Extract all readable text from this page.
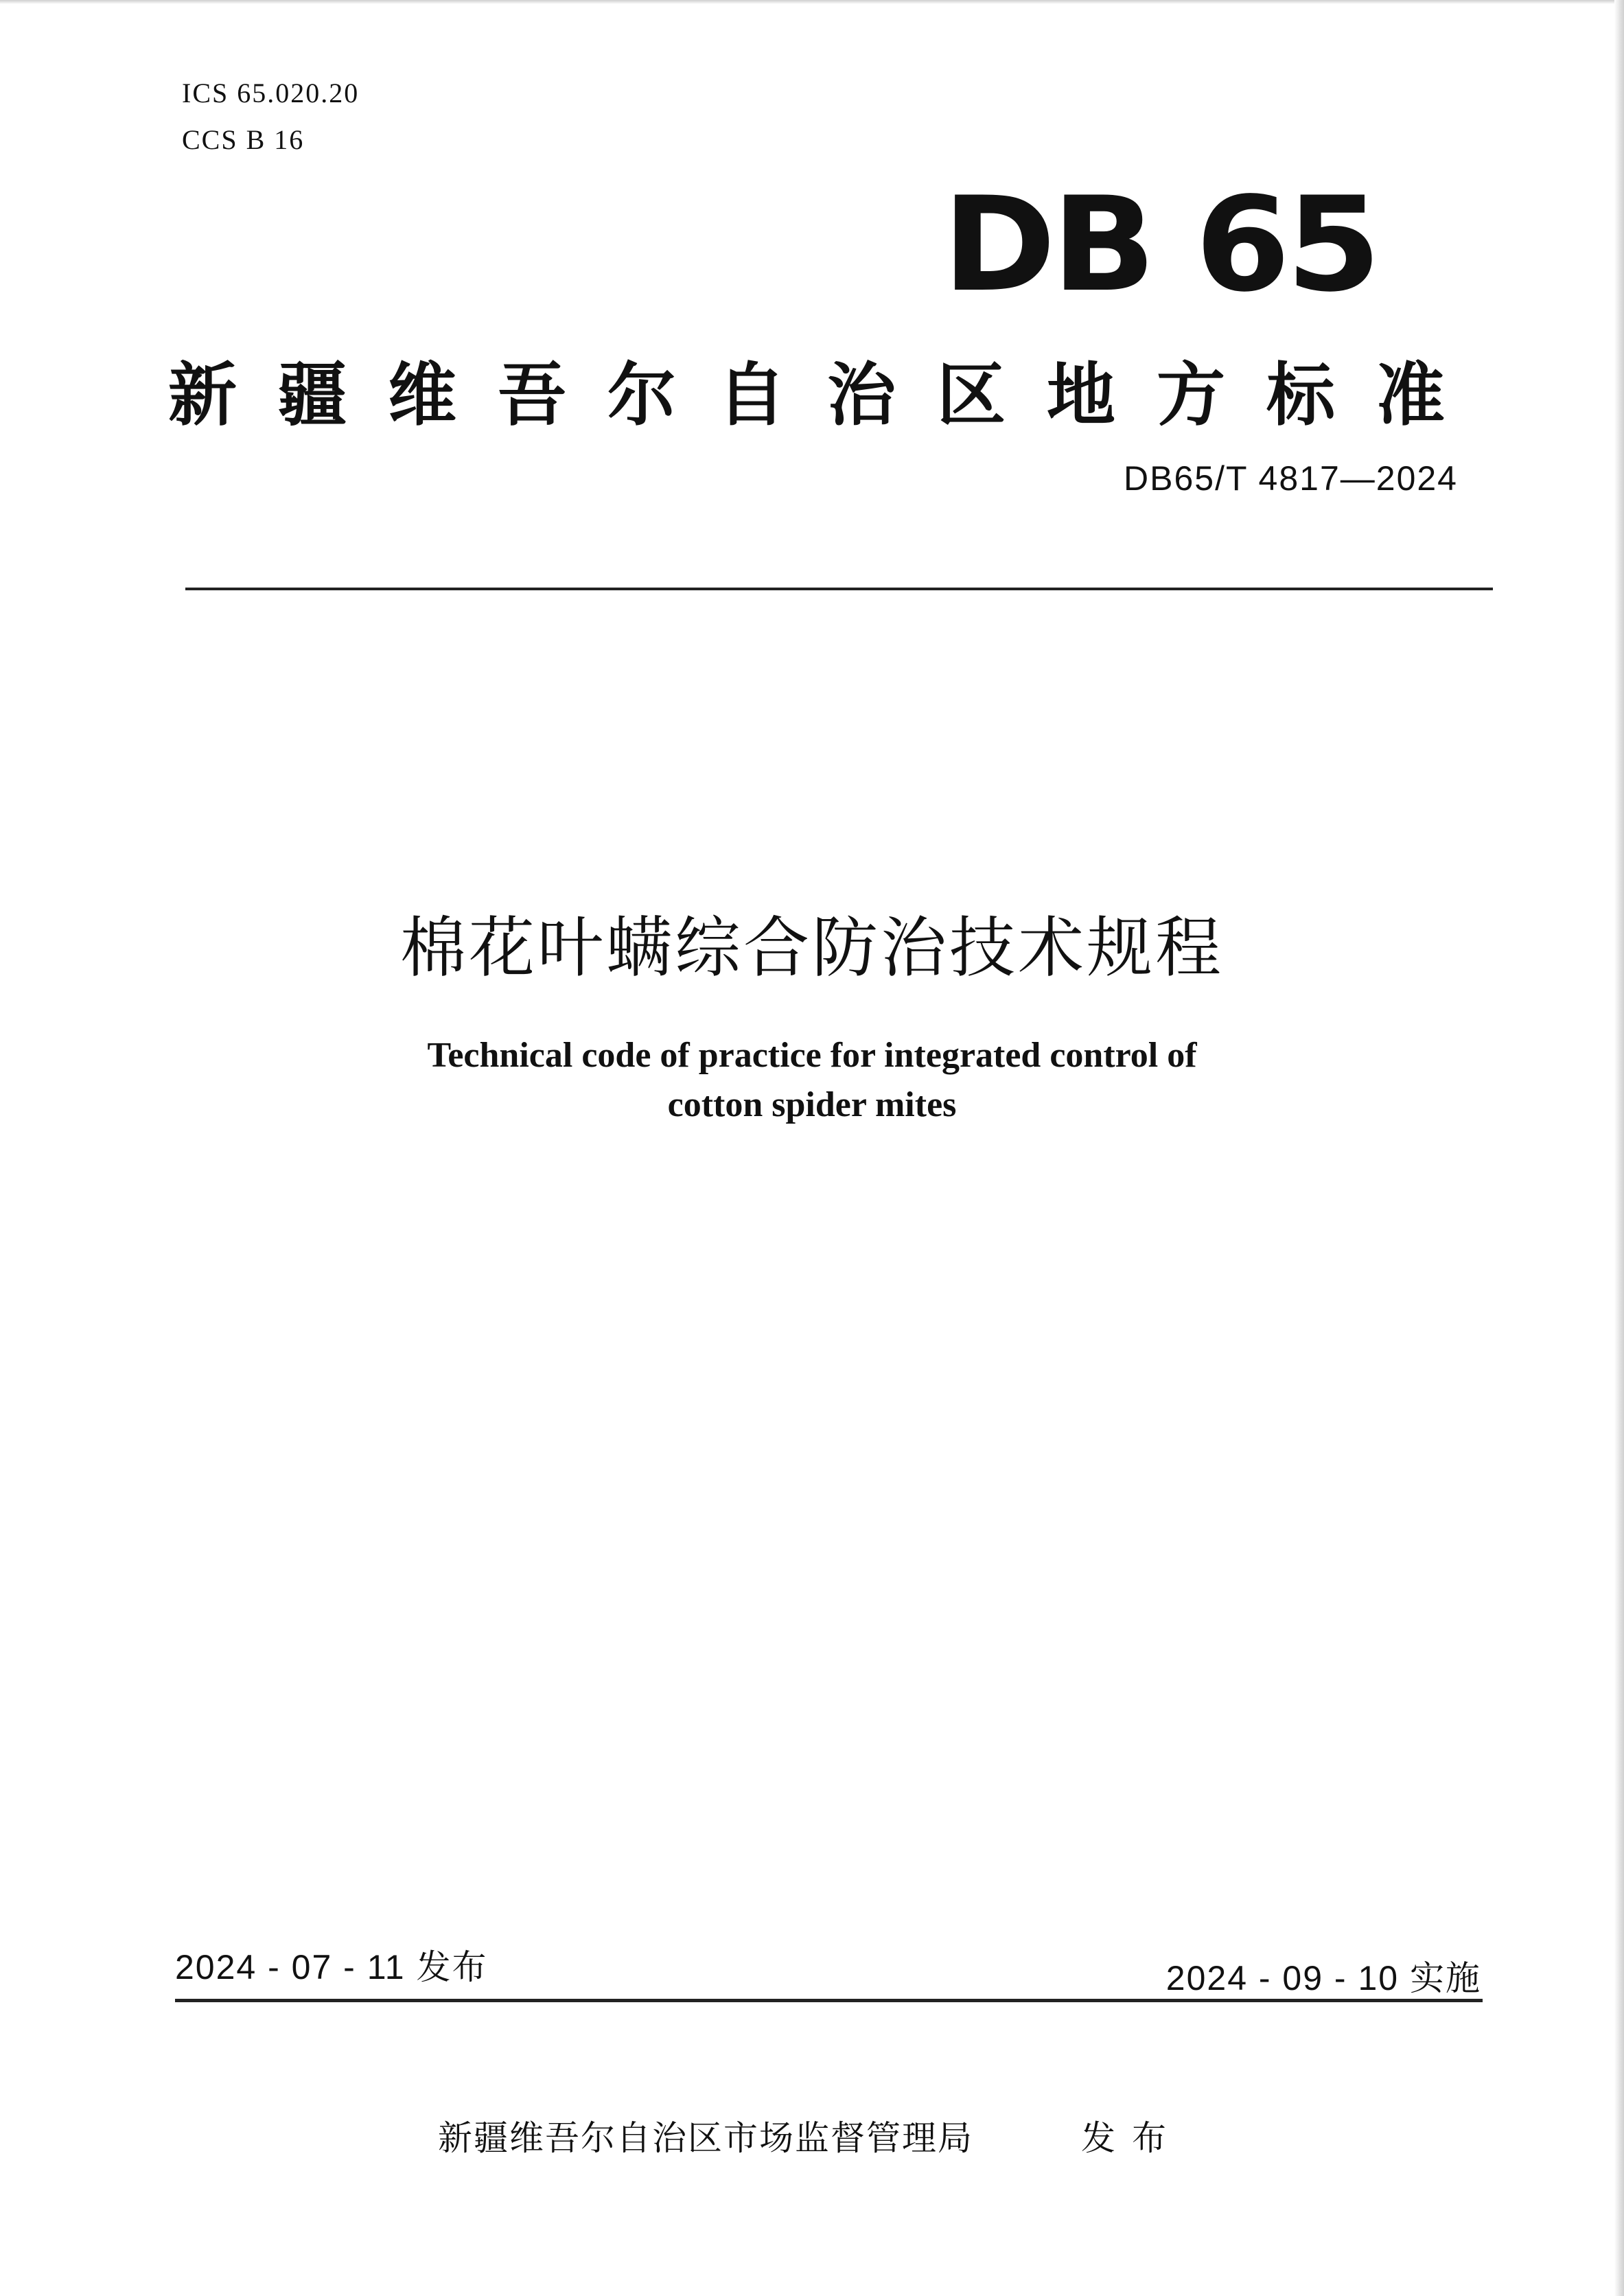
ICS 65.020.20
CCS B 16
DB 65
新疆维吾尔自治区地方标准
DB65/T 4817—2024
棉花叶螨综合防治技术规程
Technical code of practice for integrated control of
cotton spider mites
2024 - 07 - 11 发布	2024 - 09 - 10 实施
新疆维吾尔自治区市场监督管理局	发布
